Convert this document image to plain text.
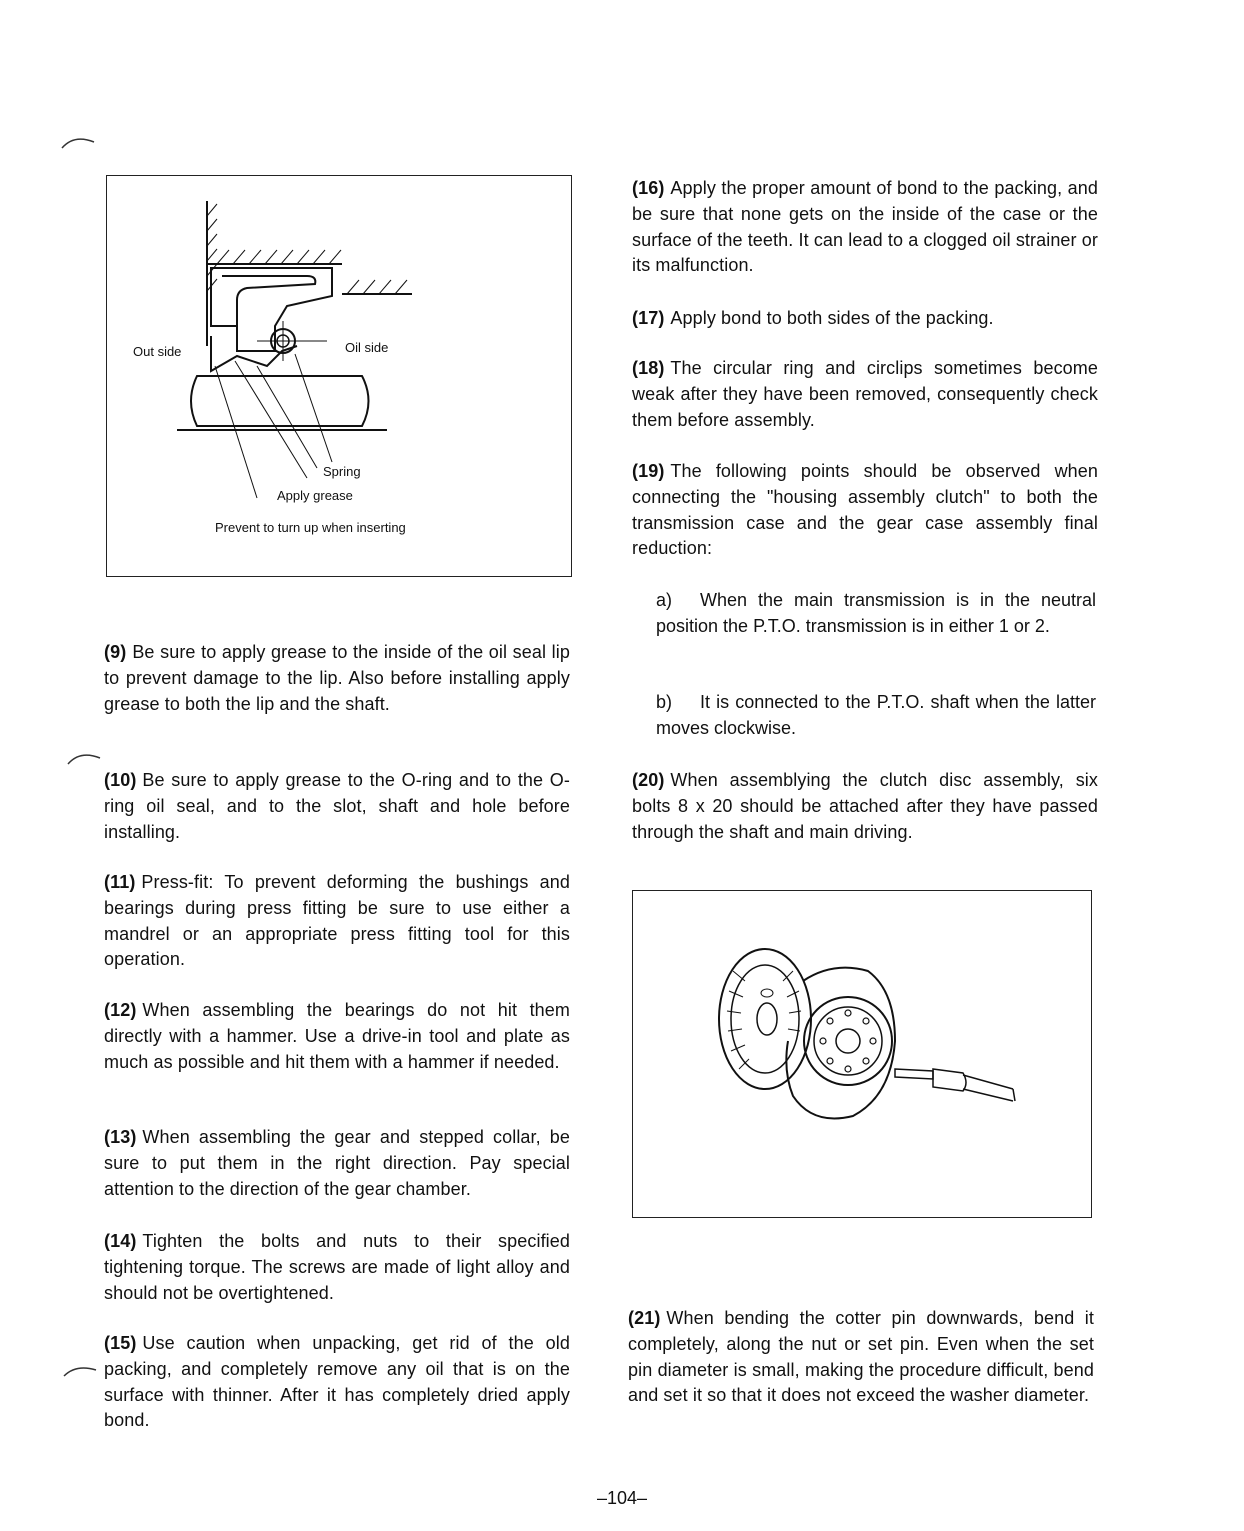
Out side	Oil side
Spring
Apply grease
Prevent to turn up when inserting
(9) Be sure to apply grease to the inside of the oil seal lip to prevent damage to the lip. Also before installing apply grease to both the lip and the shaft.
(10) Be sure to apply grease to the O-ring and to the O-ring oil seal, and to the slot, shaft and hole before installing.
(11) Press-fit: To prevent deforming the bushings and bearings during press fitting be sure to use either a mandrel or an appropriate press fitting tool for this operation.
(12) When assembling the bearings do not hit them directly with a hammer. Use a drive-in tool and plate as much as possible and hit them with a hammer if needed.
(13) When assembling the gear and stepped collar, be sure to put them in the right direction. Pay special attention to the direction of the gear chamber.
(14) Tighten the bolts and nuts to their specified tightening torque. The screws are made of light alloy and should not be overtightened.
(15) Use caution when unpacking, get rid of the old packing, and completely remove any oil that is on the surface with thinner. After it has completely dried apply bond.
(16) Apply the proper amount of bond to the packing, and be sure that none gets on the inside of the case or the surface of the teeth. It can lead to a clogged oil strainer or its malfunction.
(17) Apply bond to both sides of the packing.
(18) The circular ring and circlips sometimes become weak after they have been removed, consequently check them before assembly.
(19) The following points should be observed when connecting the "housing assembly clutch" to both the transmission case and the gear case assembly final reduction:
a) When the main transmission is in the neutral position the P.T.O. transmission is in either 1 or 2.
b) It is connected to the P.T.O. shaft when the latter moves clockwise.
(20) When assemblying the clutch disc assembly, six bolts 8 x 20 should be attached after they have passed through the shaft and main driving.
(21) When bending the cotter pin downwards, bend it completely, along the nut or set pin. Even when the set pin diameter is small, making the procedure difficult, bend and set it so that it does not exceed the washer diameter.
–104–
